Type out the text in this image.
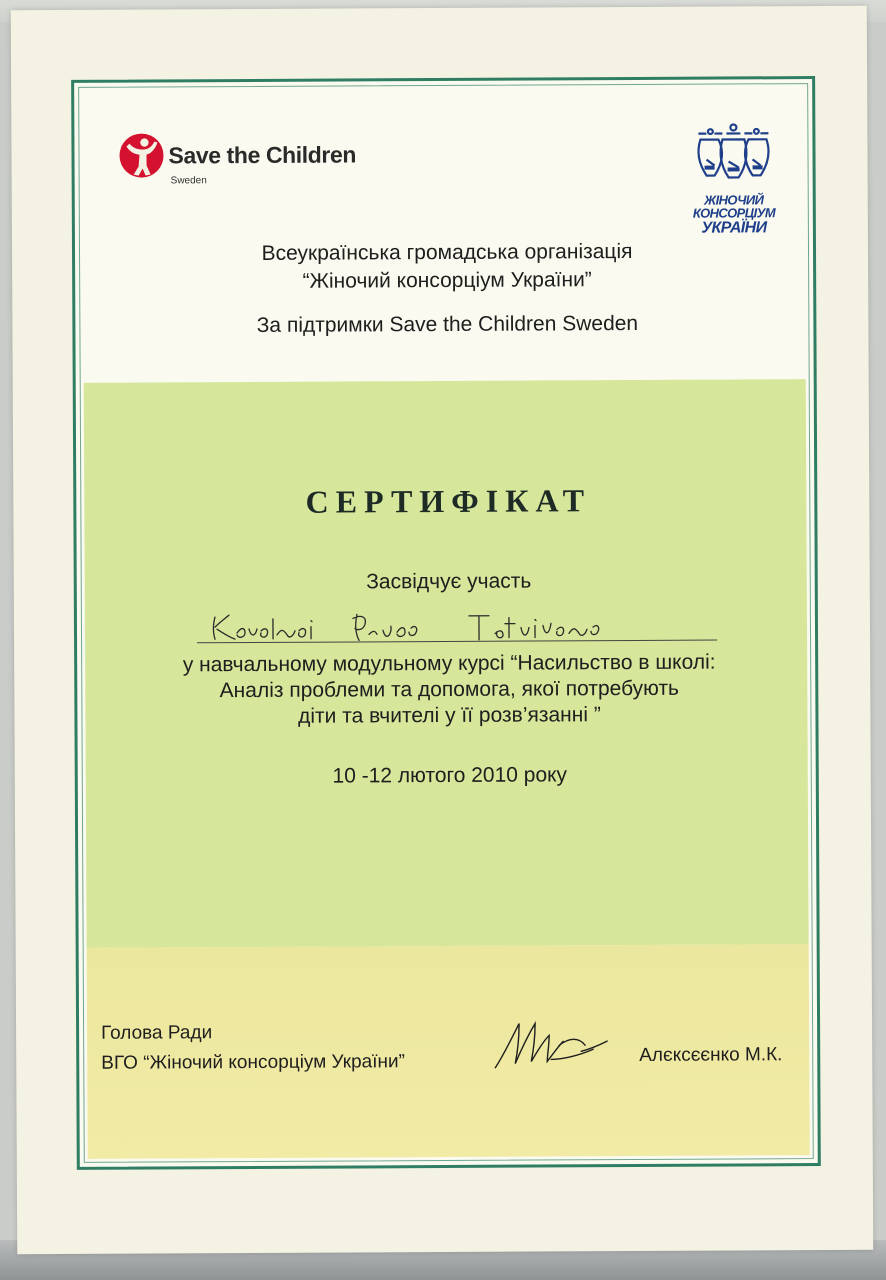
Save the Children
Sweden
ЖІНОЧИЙ
КОНСОРЦІУМ
УКРАЇНИ
Всеукраїнська громадська організація
“Жіночий консорціум України”
За підтримки Save the Children Sweden
СЕРТИФІКАТ
Засвідчує участь
у навчальному модульному курсі “Насильство в школі:
Аналіз проблеми та допомога, якої потребують
діти та вчителі у її розв’язанні ”
10 -12 лютого 2010 року
Голова Ради
ВГО “Жіночий консорціум України”	Алєксєєнко М.К.
